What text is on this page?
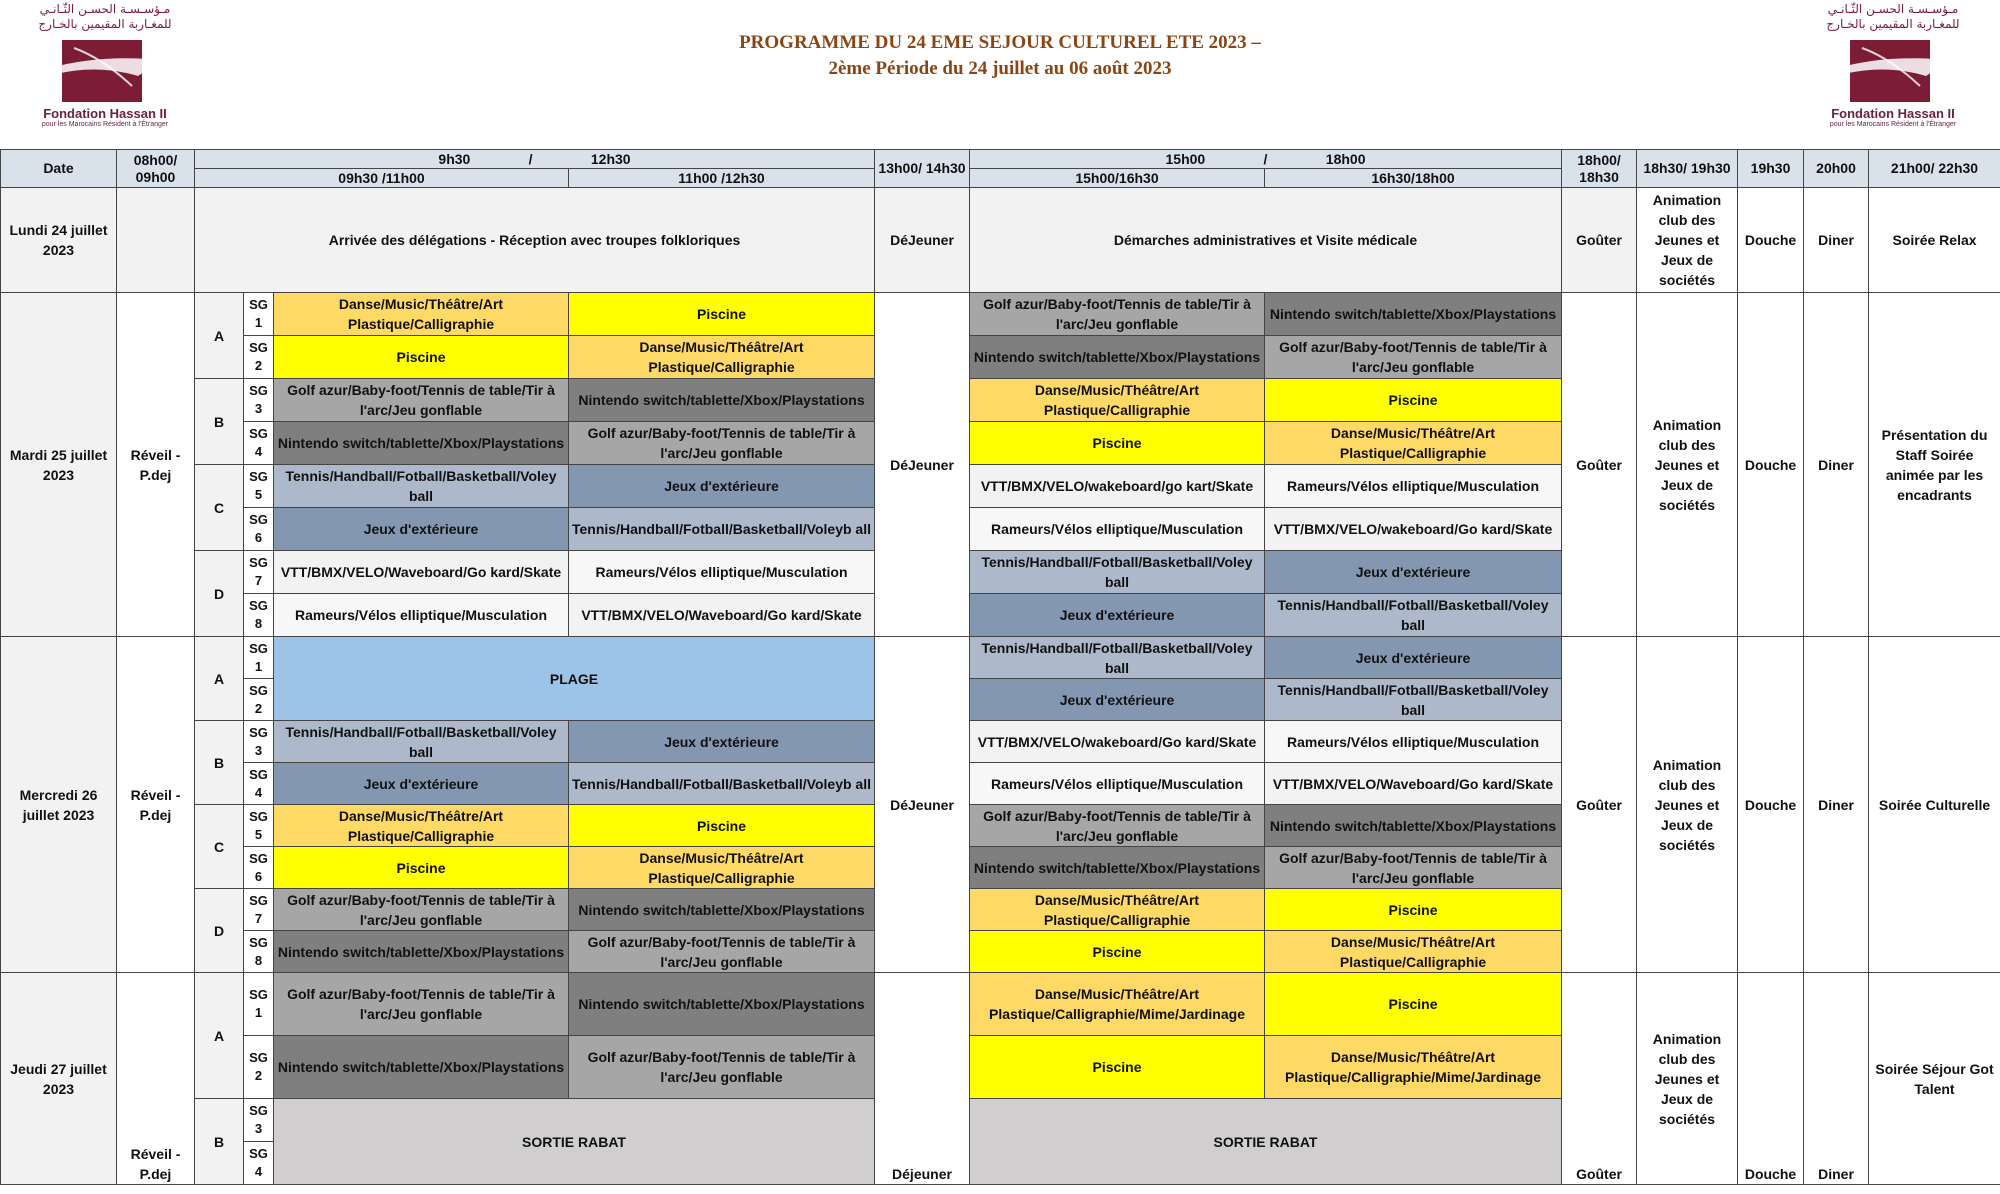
مـؤسـسـة الحسـن الثّـانـي
للمغـاربة المقيمين بالخـارج
Fondation Hassan II
pour les Marocains Résident à l'Étranger
مـؤسـسـة الحسـن الثّـانـي
للمغـاربة المقيمين بالخـارج
Fondation Hassan II
pour les Marocains Résident à l'Étranger
PROGRAMME DU 24 EME SEJOUR CULTUREL ETE 2023 –
2ème Période du 24 juillet au 06 août 2023
Date	08h00/ 09h00	9h30               /               12h30				13h00/ 14h30	15h00               /               18h00		18h00/ 18h30	18h30/ 19h30	19h30	20h00	21h00/ 22h30
		09h30 /11h00			11h00 /12h30		15h00/16h30	16h30/18h00					
Lundi 24 juillet 2023		Arrivée des délégations - Réception avec troupes folkloriques				DéJeuner	Démarches administratives et Visite médicale		Goûter	Animation club des Jeunes et Jeux de sociétés	Douche	Diner	Soirée Relax
Mardi 25 juillet 2023	Réveil - P.dej	A	SG 1	Danse/Music/Théâtre/Art Plastique/Calligraphie	Piscine	DéJeuner	Golf azur/Baby-foot/Tennis de table/Tir à l'arc/Jeu gonflable	Nintendo switch/tablette/Xbox/Playstations	Goûter	Animation club des Jeunes et Jeux de sociétés	Douche	Diner	Présentation du Staff Soirée animée par les encadrants
			SG 2	Piscine	Danse/Music/Théâtre/Art Plastique/Calligraphie		Nintendo switch/tablette/Xbox/Playstations	Golf azur/Baby-foot/Tennis de table/Tir à l'arc/Jeu gonflable					
		B	SG 3	Golf azur/Baby-foot/Tennis de table/Tir à l'arc/Jeu gonflable	Nintendo switch/tablette/Xbox/Playstations		Danse/Music/Théâtre/Art Plastique/Calligraphie	Piscine					
			SG 4	Nintendo switch/tablette/Xbox/Playstations	Golf azur/Baby-foot/Tennis de table/Tir à l'arc/Jeu gonflable		Piscine	Danse/Music/Théâtre/Art Plastique/Calligraphie					
		C	SG 5	Tennis/Handball/Fotball/Basketball/Voley ball	Jeux d'extérieure		VTT/BMX/VELO/wakeboard/go kart/Skate	Rameurs/Vélos elliptique/Musculation					
			SG 6	Jeux d'extérieure	Tennis/Handball/Fotball/Basketball/Voleyb all		Rameurs/Vélos elliptique/Musculation	VTT/BMX/VELO/wakeboard/Go kard/Skate					
		D	SG 7	VTT/BMX/VELO/Waveboard/Go kard/Skate	Rameurs/Vélos elliptique/Musculation		Tennis/Handball/Fotball/Basketball/Voley ball	Jeux d'extérieure					
			SG 8	Rameurs/Vélos elliptique/Musculation	VTT/BMX/VELO/Waveboard/Go kard/Skate		Jeux d'extérieure	Tennis/Handball/Fotball/Basketball/Voley ball					
Mercredi 26 juillet 2023	Réveil - P.dej	A	SG 1	PLAGE		DéJeuner	Tennis/Handball/Fotball/Basketball/Voley ball	Jeux d'extérieure	Goûter	Animation club des Jeunes et Jeux de sociétés	Douche	Diner	Soirée Culturelle
			SG 2				Jeux d'extérieure	Tennis/Handball/Fotball/Basketball/Voley ball					
		B	SG 3	Tennis/Handball/Fotball/Basketball/Voley ball	Jeux d'extérieure		VTT/BMX/VELO/wakeboard/Go kard/Skate	Rameurs/Vélos elliptique/Musculation					
			SG 4	Jeux d'extérieure	Tennis/Handball/Fotball/Basketball/Voleyb all		Rameurs/Vélos elliptique/Musculation	VTT/BMX/VELO/Waveboard/Go kard/Skate					
		C	SG 5	Danse/Music/Théâtre/Art Plastique/Calligraphie	Piscine		Golf azur/Baby-foot/Tennis de table/Tir à l'arc/Jeu gonflable	Nintendo switch/tablette/Xbox/Playstations					
			SG 6	Piscine	Danse/Music/Théâtre/Art Plastique/Calligraphie		Nintendo switch/tablette/Xbox/Playstations	Golf azur/Baby-foot/Tennis de table/Tir à l'arc/Jeu gonflable					
		D	SG 7	Golf azur/Baby-foot/Tennis de table/Tir à l'arc/Jeu gonflable	Nintendo switch/tablette/Xbox/Playstations		Danse/Music/Théâtre/Art Plastique/Calligraphie	Piscine					
			SG 8	Nintendo switch/tablette/Xbox/Playstations	Golf azur/Baby-foot/Tennis de table/Tir à l'arc/Jeu gonflable		Piscine	Danse/Music/Théâtre/Art Plastique/Calligraphie					
Jeudi 27 juillet 2023	Réveil - P.dej	A	SG 1	Golf azur/Baby-foot/Tennis de table/Tir à l'arc/Jeu gonflable	Nintendo switch/tablette/Xbox/Playstations	Déjeuner	Danse/Music/Théâtre/Art Plastique/Calligraphie/Mime/Jardinage	Piscine	Goûter	Animation club des Jeunes et Jeux de sociétés	Douche	Diner	Soirée Séjour Got Talent
			SG 2	Nintendo switch/tablette/Xbox/Playstations	Golf azur/Baby-foot/Tennis de table/Tir à l'arc/Jeu gonflable		Piscine	Danse/Music/Théâtre/Art Plastique/Calligraphie/Mime/Jardinage					
		B	SG 3	SORTIE RABAT			SORTIE RABAT						
			SG 4										
